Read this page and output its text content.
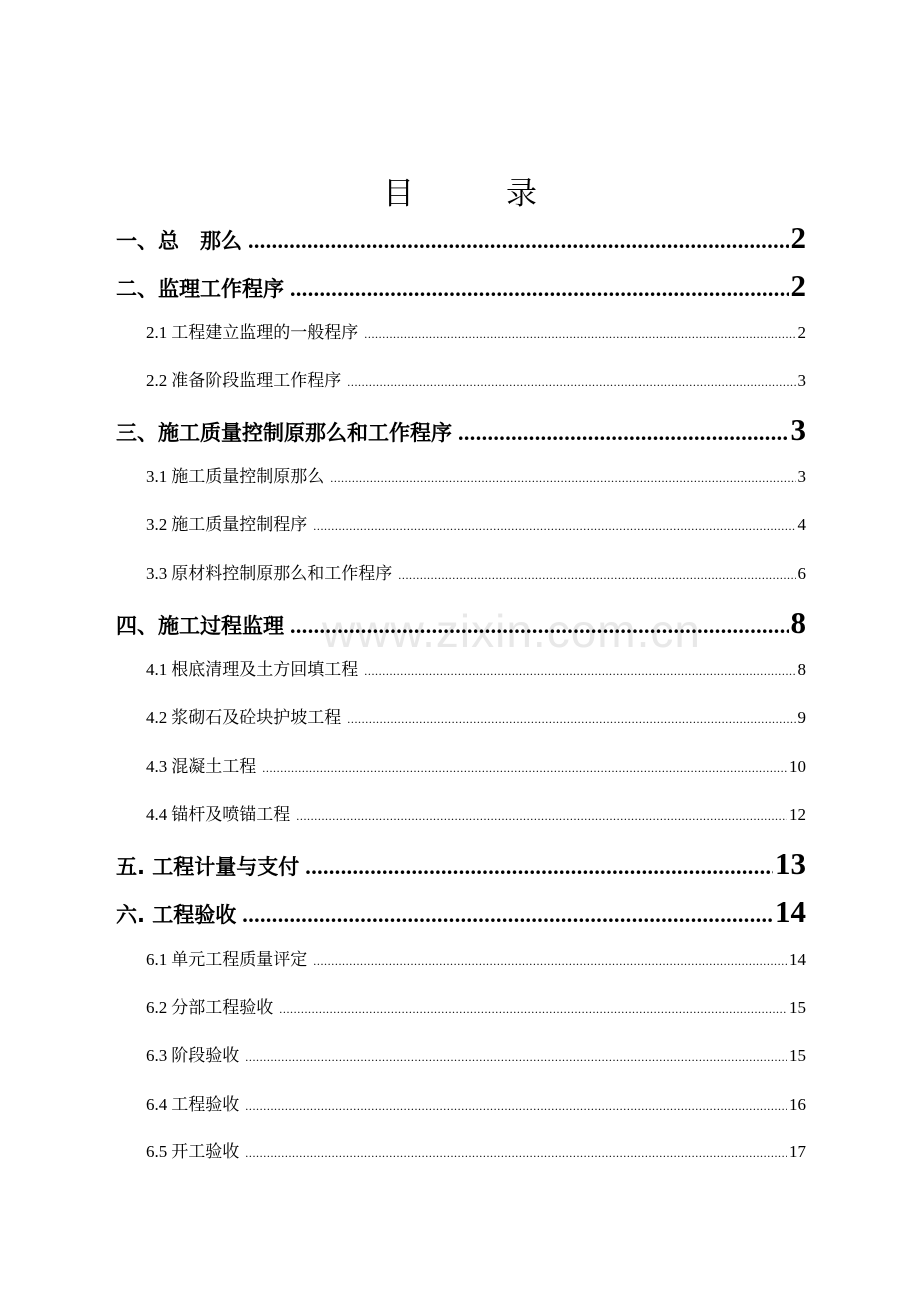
目	录
www.zixin.com.cn
一、总　那么 .....	2
二、监理工作程序 .....	2
2.1 工程建立监理的一般程序 .....	2
2.2 准备阶段监理工作程序 .....	3
三、施工质量控制原那么和工作程序 .....	3
3.1 施工质量控制原那么 .....	3
3.2 施工质量控制程序 .....	4
3.3 原材料控制原那么和工作程序 .....	6
四、施工过程监理 .....	8
4.1 根底清理及土方回填工程 .....	8
4.2 浆砌石及砼块护坡工程 .....	9
4.3 混凝土工程 .....	10
4.4 锚杆及喷锚工程 .....	12
五. 工程计量与支付 .....	13
六. 工程验收 .....	14
6.1 单元工程质量评定 .....	14
6.2 分部工程验收 .....	15
6.3 阶段验收 .....	15
6.4 工程验收 .....	16
6.5 开工验收 .....	17
